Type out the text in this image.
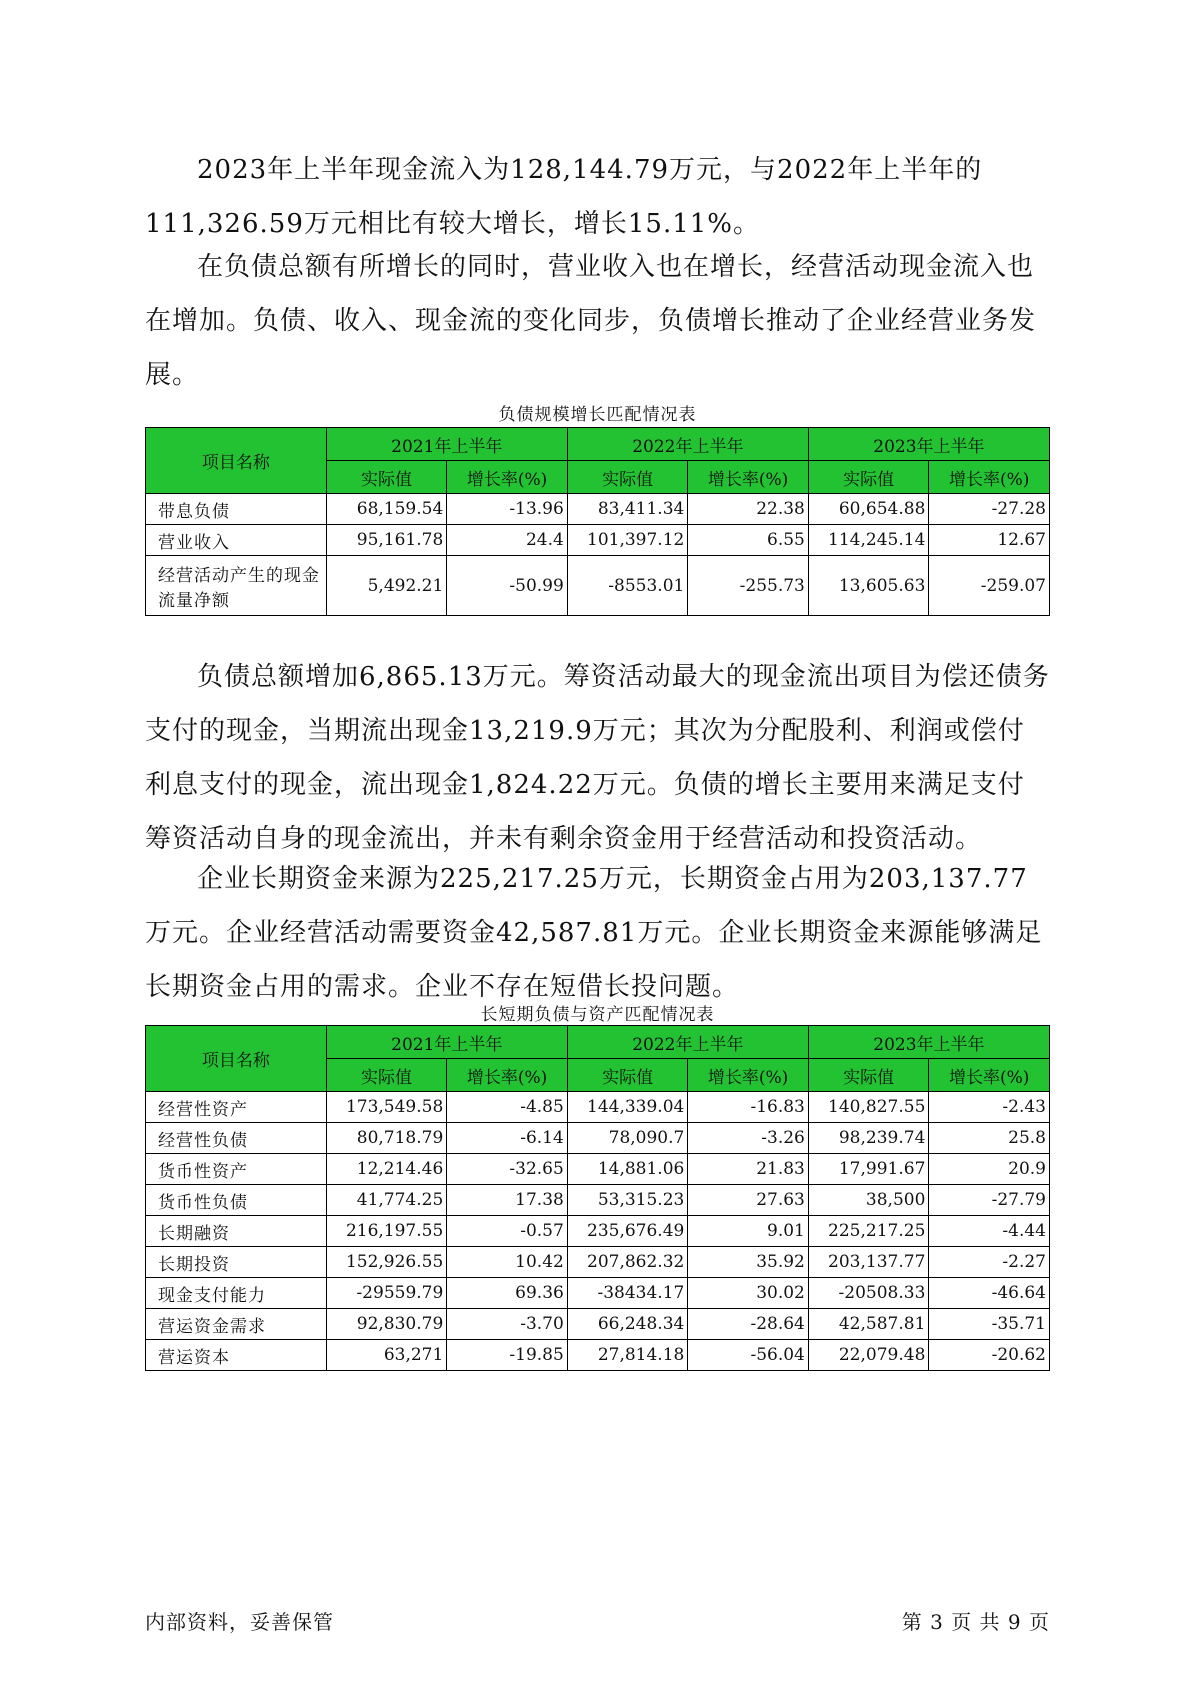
2023年上半年现金流入为128,144.79万元，与2022年上半年的111,326.59万元相比有较大增长，增长15.11%。

在负债总额有所增长的同时，营业收入也在增长，经营活动现金流入也在增加。负债、收入、现金流的变化同步，负债增长推动了企业经营业务发展。

负债规模增长匹配情况表
项目名称	2021年上半年		2022年上半年		2023年上半年	
	实际值	增长率(%)	实际值	增长率(%)	实际值	增长率(%)
带息负债	68,159.54	-13.96	83,411.34	22.38	60,654.88	-27.28
营业收入	95,161.78	24.4	101,397.12	6.55	114,245.14	12.67
经营活动产生的现金流量净额	5,492.21	-50.99	-8553.01	-255.73	13,605.63	-259.07

负债总额增加6,865.13万元。筹资活动最大的现金流出项目为偿还债务支付的现金，当期流出现金13,219.9万元；其次为分配股利、利润或偿付利息支付的现金，流出现金1,824.22万元。负债的增长主要用来满足支付筹资活动自身的现金流出，并未有剩余资金用于经营活动和投资活动。

企业长期资金来源为225,217.25万元，长期资金占用为203,137.77万元。企业经营活动需要资金42,587.81万元。企业长期资金来源能够满足长期资金占用的需求。企业不存在短借长投问题。

长短期负债与资产匹配情况表
项目名称	2021年上半年		2022年上半年		2023年上半年	
	实际值	增长率(%)	实际值	增长率(%)	实际值	增长率(%)
经营性资产	173,549.58	-4.85	144,339.04	-16.83	140,827.55	-2.43
经营性负债	80,718.79	-6.14	78,090.7	-3.26	98,239.74	25.8
货币性资产	12,214.46	-32.65	14,881.06	21.83	17,991.67	20.9
货币性负债	41,774.25	17.38	53,315.23	27.63	38,500	-27.79
长期融资	216,197.55	-0.57	235,676.49	9.01	225,217.25	-4.44
长期投资	152,926.55	10.42	207,862.32	35.92	203,137.77	-2.27
现金支付能力	-29559.79	69.36	-38434.17	30.02	-20508.33	-46.64
营运资金需求	92,830.79	-3.70	66,248.34	-28.64	42,587.81	-35.71
营运资本	63,271	-19.85	27,814.18	-56.04	22,079.48	-20.62
内部资料，妥善保管	第 3 页 共 9 页
